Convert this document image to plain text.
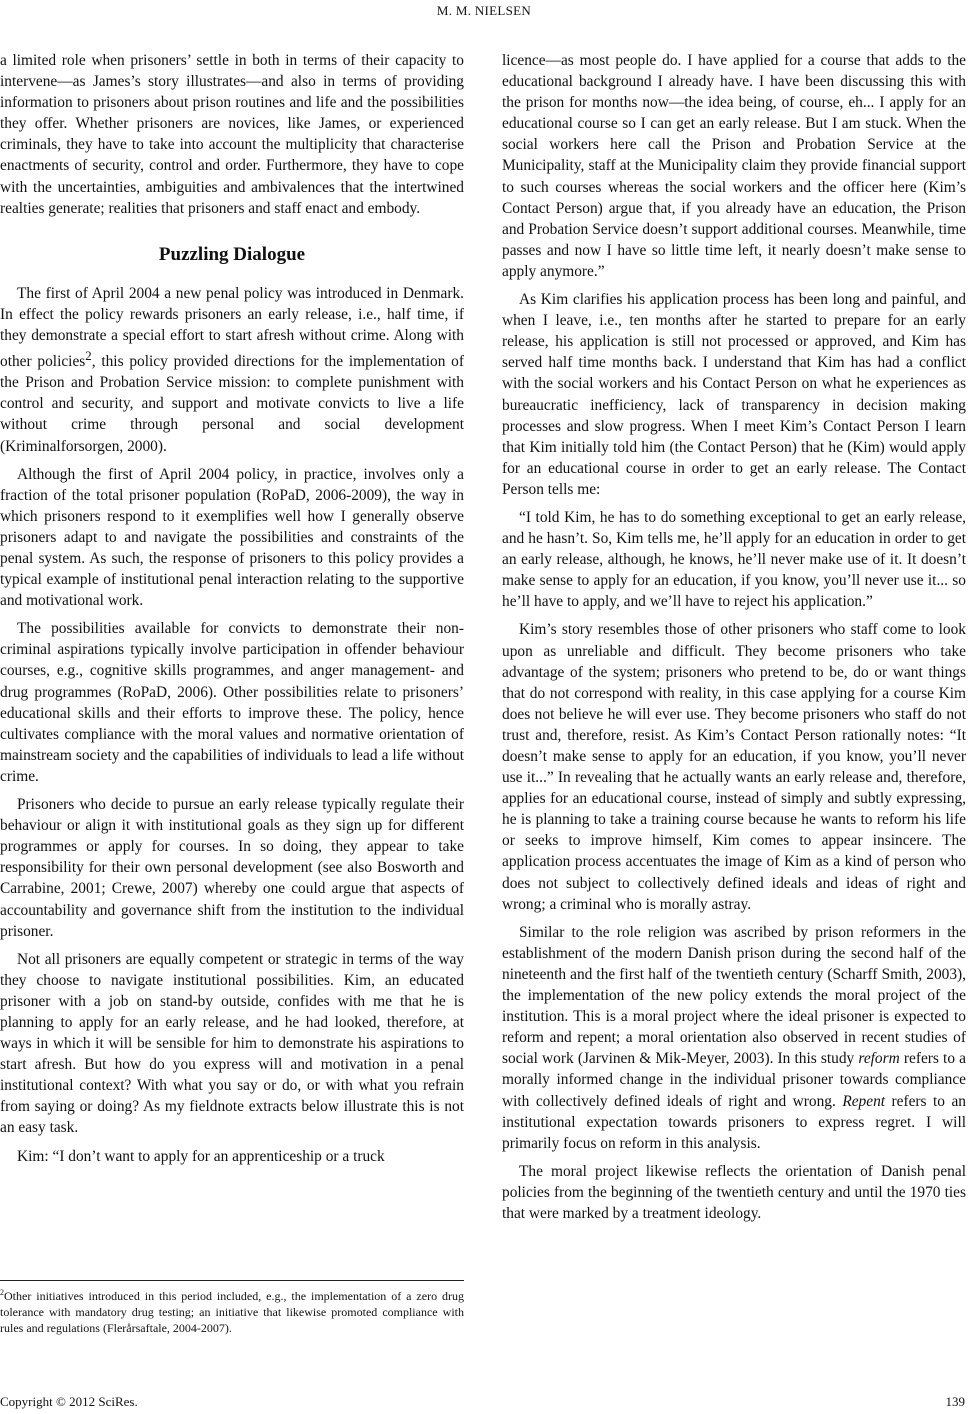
M. M. NIELSEN

a limited role when prisoners’ settle in both in terms of their capacity to intervene—as James’s story illustrates—and also in terms of providing information to prisoners about prison routines and life and the possibilities they offer. Whether prisoners are novices, like James, or experienced criminals, they have to take into account the multiplicity that characterise enactments of security, control and order. Furthermore, they have to cope with the uncertainties, ambiguities and ambivalences that the intertwined realties generate; realities that prisoners and staff enact and embody.

Puzzling Dialogue

The first of April 2004 a new penal policy was introduced in Denmark. In effect the policy rewards prisoners an early release, i.e., half time, if they demonstrate a special effort to start afresh without crime. Along with other policies$^2$, this policy provided directions for the implementation of the Prison and Probation Service mission: to complete punishment with control and security, and support and motivate convicts to live a life without crime through personal and social development (Kriminalforsorgen, 2000).

Although the first of April 2004 policy, in practice, involves only a fraction of the total prisoner population (RoPaD, 2006-2009), the way in which prisoners respond to it exemplifies well how I generally observe prisoners adapt to and navigate the possibilities and constraints of the penal system. As such, the response of prisoners to this policy provides a typical example of institutional penal interaction relating to the supportive and motivational work.

The possibilities available for convicts to demonstrate their non-criminal aspirations typically involve participation in offender behaviour courses, e.g., cognitive skills programmes, and anger management- and drug programmes (RoPaD, 2006). Other possibilities relate to prisoners’ educational skills and their efforts to improve these. The policy, hence cultivates compliance with the moral values and normative orientation of mainstream society and the capabilities of individuals to lead a life without crime.

Prisoners who decide to pursue an early release typically regulate their behaviour or align it with institutional goals as they sign up for different programmes or apply for courses. In so doing, they appear to take responsibility for their own personal development (see also Bosworth and Carrabine, 2001; Crewe, 2007) whereby one could argue that aspects of accountability and governance shift from the institution to the individual prisoner.

Not all prisoners are equally competent or strategic in terms of the way they choose to navigate institutional possibilities. Kim, an educated prisoner with a job on stand-by outside, confides with me that he is planning to apply for an early release, and he had looked, therefore, at ways in which it will be sensible for him to demonstrate his aspirations to start afresh. But how do you express will and motivation in a penal institutional context? With what you say or do, or with what you refrain from saying or doing? As my fieldnote extracts below illustrate this is not an easy task.

Kim: “I don’t want to apply for an apprenticeship or a truck

$^2$Other initiatives introduced in this period included, e.g., the implementation of a zero drug tolerance with mandatory drug testing; an initiative that likewise promoted compliance with rules and regulations (Flerårsaftale, 2004-2007).

licence—as most people do. I have applied for a course that adds to the educational background I already have. I have been discussing this with the prison for months now—the idea being, of course, eh... I apply for an educational course so I can get an early release. But I am stuck. When the social workers here call the Prison and Probation Service at the Municipality, staff at the Municipality claim they provide financial support to such courses whereas the social workers and the officer here (Kim’s Contact Person) argue that, if you already have an education, the Prison and Probation Service doesn’t support additional courses. Meanwhile, time passes and now I have so little time left, it nearly doesn’t make sense to apply anymore.”

As Kim clarifies his application process has been long and painful, and when I leave, i.e., ten months after he started to prepare for an early release, his application is still not processed or approved, and Kim has served half time months back. I understand that Kim has had a conflict with the social workers and his Contact Person on what he experiences as bureaucratic inefficiency, lack of transparency in decision making processes and slow progress. When I meet Kim’s Contact Person I learn that Kim initially told him (the Contact Person) that he (Kim) would apply for an educational course in order to get an early release. The Contact Person tells me:

“I told Kim, he has to do something exceptional to get an early release, and he hasn’t. So, Kim tells me, he’ll apply for an education in order to get an early release, although, he knows, he’ll never make use of it. It doesn’t make sense to apply for an education, if you know, you’ll never use it... so he’ll have to apply, and we’ll have to reject his application.”

Kim’s story resembles those of other prisoners who staff come to look upon as unreliable and difficult. They become prisoners who take advantage of the system; prisoners who pretend to be, do or want things that do not correspond with reality, in this case applying for a course Kim does not believe he will ever use. They become prisoners who staff do not trust and, therefore, resist. As Kim’s Contact Person rationally notes: “It doesn’t make sense to apply for an education, if you know, you’ll never use it...” In revealing that he actually wants an early release and, therefore, applies for an educational course, instead of simply and subtly expressing, he is planning to take a training course because he wants to reform his life or seeks to improve himself, Kim comes to appear insincere. The application process accentuates the image of Kim as a kind of person who does not subject to collectively defined ideals and ideas of right and wrong; a criminal who is morally astray.

Similar to the role religion was ascribed by prison reformers in the establishment of the modern Danish prison during the second half of the nineteenth and the first half of the twentieth century (Scharff Smith, 2003), the implementation of the new policy extends the moral project of the institution. This is a moral project where the ideal prisoner is expected to reform and repent; a moral orientation also observed in recent studies of social work (Jarvinen & Mik-Meyer, 2003). In this study reform refers to a morally informed change in the individual prisoner towards compliance with collectively defined ideals of right and wrong. Repent refers to an institutional expectation towards prisoners to express regret. I will primarily focus on reform in this analysis.

The moral project likewise reflects the orientation of Danish penal policies from the beginning of the twentieth century and until the 1970 ties that were marked by a treatment ideology.

Copyright © 2012 SciRes.	139
